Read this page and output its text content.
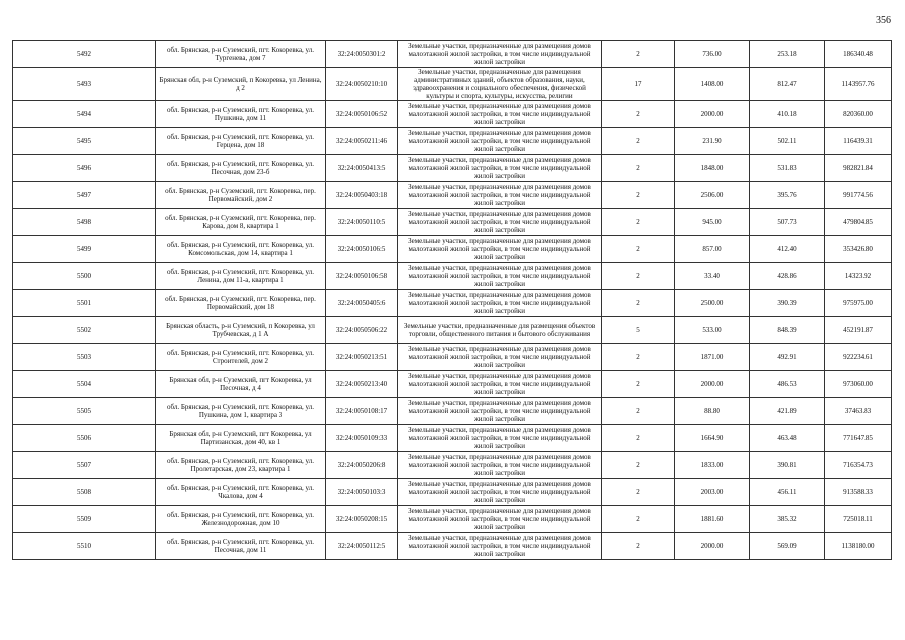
356
5492	обл. Брянская, р-н Суземский, пгт. Кокоревка, ул. Тургенева, дом 7	32:24:0050301:2	Земельные участки, предназначенные для размещения домов малоэтажной жилой застройки, в том числе индивидуальной жилой застройки	2	736.00	253.18	186340.48
5493	Брянская обл, р-н Суземский, п Кокоревка, ул Ленина, д 2	32:24:0050210:10	Земельные участки, предназначенные для размещения административных зданий, объектов образования, науки, здравоохранения и социального обеспечения, физической культуры и спорта, культуры, искусства, религии	17	1408.00	812.47	1143957.76
5494	обл. Брянская, р-н Суземский, пгт. Кокоревка, ул. Пушкина, дом 11	32:24:0050106:52	Земельные участки, предназначенные для размещения домов малоэтажной жилой застройки, в том числе индивидуальной жилой застройки	2	2000.00	410.18	820360.00
5495	обл. Брянская, р-н Суземский, пгт. Кокоревка, ул. Герцена, дом 18	32:24:0050211:46	Земельные участки, предназначенные для размещения домов малоэтажной жилой застройки, в том числе индивидуальной жилой застройки	2	231.90	502.11	116439.31
5496	обл. Брянская, р-н Суземский, пгт. Кокоревка, ул. Песочная, дом 23-б	32:24:0050413:5	Земельные участки, предназначенные для размещения домов малоэтажной жилой застройки, в том числе индивидуальной жилой застройки	2	1848.00	531.83	982821.84
5497	обл. Брянская, р-н Суземский, пгт. Кокоревка, пер. Первомайский, дом 2	32:24:0050403:18	Земельные участки, предназначенные для размещения домов малоэтажной жилой застройки, в том числе индивидуальной жилой застройки	2	2506.00	395.76	991774.56
5498	обл. Брянская, р-н Суземский, пгт. Кокоревка, пер. Карова, дом 8, квартира 1	32:24:0050110:5	Земельные участки, предназначенные для размещения домов малоэтажной жилой застройки, в том числе индивидуальной жилой застройки	2	945.00	507.73	479804.85
5499	обл. Брянская, р-н Суземский, пгт. Кокоревка, ул. Комсомольская, дом 14, квартира 1	32:24:0050106:5	Земельные участки, предназначенные для размещения домов малоэтажной жилой застройки, в том числе индивидуальной жилой застройки	2	857.00	412.40	353426.80
5500	обл. Брянская, р-н Суземский, пгт. Кокоревка, ул. Ленина, дом 11-а, квартира 1	32:24:0050106:58	Земельные участки, предназначенные для размещения домов малоэтажной жилой застройки, в том числе индивидуальной жилой застройки	2	33.40	428.86	14323.92
5501	обл. Брянская, р-н Суземский, пгт. Кокоревка, пер. Первомайский, дом 18	32:24:0050405:6	Земельные участки, предназначенные для размещения домов малоэтажной жилой застройки, в том числе индивидуальной жилой застройки	2	2500.00	390.39	975975.00
5502	Брянская область, р-н Суземский, п Кокоревка, ул Трубчевская, д 1 А	32:24:0050506:22	Земельные участки, предназначенные для размещения объектов торговли, общественного питания и бытового обслуживания	5	533.00	848.39	452191.87
5503	обл. Брянская, р-н Суземский, пгт. Кокоревка, ул. Строителей, дом 2	32:24:0050213:51	Земельные участки, предназначенные для размещения домов малоэтажной жилой застройки, в том числе индивидуальной жилой застройки	2	1871.00	492.91	922234.61
5504	Брянская обл, р-н Суземский, пгт Кокоревка, ул Песочная, д 4	32:24:0050213:40	Земельные участки, предназначенные для размещения домов малоэтажной жилой застройки, в том числе индивидуальной жилой застройки	2	2000.00	486.53	973060.00
5505	обл. Брянская, р-н Суземский, пгт. Кокоревка, ул. Пушкина, дом 1, квартира 3	32:24:0050108:17	Земельные участки, предназначенные для размещения домов малоэтажной жилой застройки, в том числе индивидуальной жилой застройки	2	88.80	421.89	37463.83
5506	Брянская обл, р-н Суземский, пгт Кокоревка, ул Партизанская, дом 40, кв 1	32:24:0050109:33	Земельные участки, предназначенные для размещения домов малоэтажной жилой застройки, в том числе индивидуальной жилой застройки	2	1664.90	463.48	771647.85
5507	обл. Брянская, р-н Суземский, пгт. Кокоревка, ул. Пролетарская, дом 23, квартира 1	32:24:0050206:8	Земельные участки, предназначенные для размещения домов малоэтажной жилой застройки, в том числе индивидуальной жилой застройки	2	1833.00	390.81	716354.73
5508	обл. Брянская, р-н Суземский, пгт. Кокоревка, ул. Чкалова, дом 4	32:24:0050103:3	Земельные участки, предназначенные для размещения домов малоэтажной жилой застройки, в том числе индивидуальной жилой застройки	2	2003.00	456.11	913588.33
5509	обл. Брянская, р-н Суземский, пгт. Кокоревка, ул. Железнодорожная, дом 10	32:24:0050208:15	Земельные участки, предназначенные для размещения домов малоэтажной жилой застройки, в том числе индивидуальной жилой застройки	2	1881.60	385.32	725018.11
5510	обл. Брянская, р-н Суземский, пгт. Кокоревка, ул. Песочная, дом 11	32:24:0050112:5	Земельные участки, предназначенные для размещения домов малоэтажной жилой застройки, в том числе индивидуальной жилой застройки	2	2000.00	569.09	1138180.00
